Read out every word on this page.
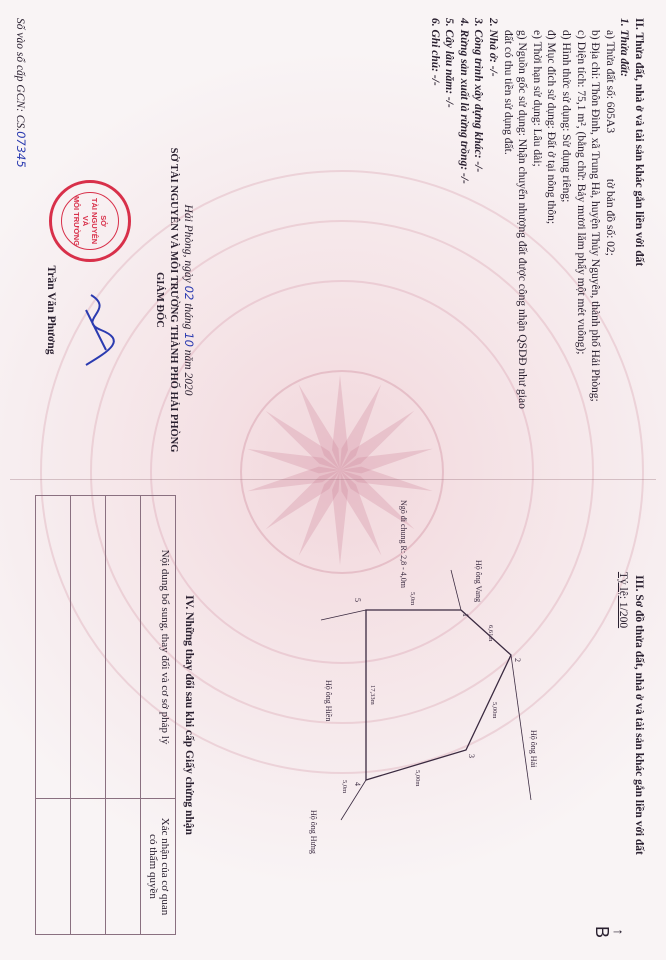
II. Thửa đất, nhà ở và tài sản khác gắn liền với đất
1. Thửa đất:
a) Thửa đất số: 605A3  tờ bản đồ số: 02;
b) Địa chỉ: Thôn Đình, xã Trung Hà, huyện Thủy Nguyên, thành phố Hải Phòng;
c) Diện tích: 75,1 m², (bằng chữ: Bảy mươi lăm phẩy một mét vuông);
d) Hình thức sử dụng: Sử dụng riêng;
đ) Mục đích sử dụng: Đất ở tại nông thôn;
e) Thời hạn sử dụng: Lâu dài;
g) Nguồn gốc sử dụng: Nhận chuyển nhượng đất được công nhận QSDĐ như giao
đất có thu tiền sử dụng đất.
2. Nhà ở: -/-
3. Công trình xây dựng khác: -/-
4. Rừng sản xuất là rừng trồng: -/-
5. Cây lâu năm: -/-
6. Ghi chú: -/-
Hải Phòng, ngày 02 tháng 10 năm 2020
SỞ TÀI NGUYÊN VÀ MÔI TRƯỜNG THÀNH PHỐ HẢI PHÒNG
GIÁM ĐỐC
SỞ
TÀI NGUYÊN
VÀ
MÔI TRƯỜNG
Trần Văn Phương
Số vào sổ cấp GCN: CS.07345
III. Sơ đồ thửa đất, nhà ở và tài sản khác gắn liền với đất
Tỷ lệ: 1/200
↑
B
1
2
3
4
5
6,61m
5,00m
5,00m
17,33m
5,0m
5,0m
Hộ ông Vang
Hộ ông Hải
Hộ ông Hưng
Hộ ông Hiền
Ngõ đi chung R: 2,8 - 4,0m
IV. Những thay đổi sau khi cấp Giấy chứng nhận
Nội dung bổ sung, thay đổi và cơ sở pháp lý	Xác nhận của cơ quan
có thẩm quyền
